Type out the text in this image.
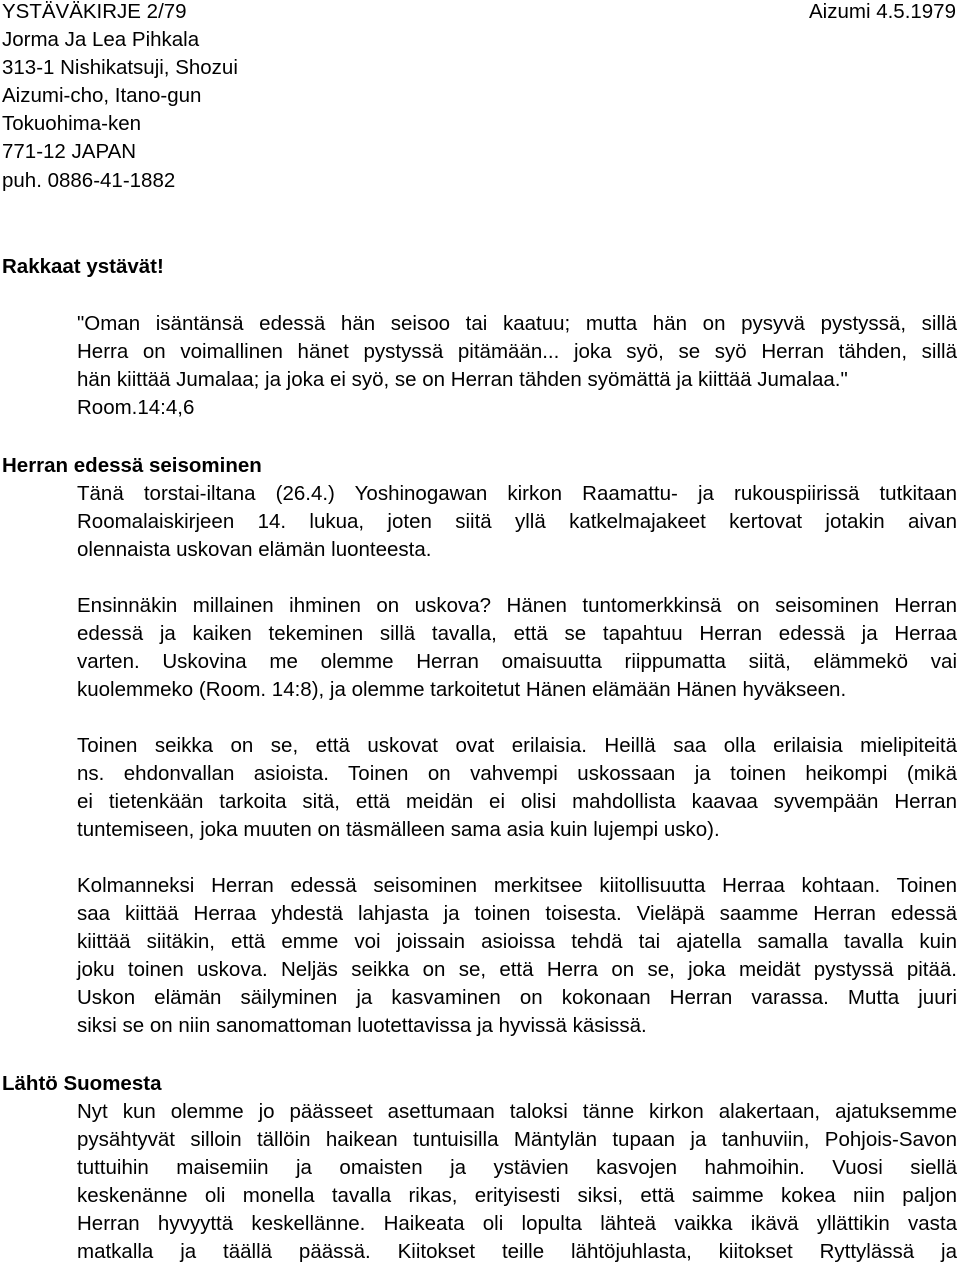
YSTÄVÄKIRJE 2/79
Jorma Ja Lea Pihkala
313-1 Nishikatsuji, Shozui
Aizumi-cho, Itano-gun
Tokuohima-ken
771-12 JAPAN
puh. 0886-41-1882
Aizumi 4.5.1979
Rakkaat ystävät!
"Oman isäntänsä edessä hän seisoo tai kaatuu; mutta hän on pysyvä pystyssä, sillä
Herra on voimallinen hänet pystyssä pitämään... joka syö, se syö Herran tähden, sillä
hän kiittää Jumalaa; ja joka ei syö, se on Herran tähden syömättä ja kiittää Jumalaa."
Room.14:4,6
Herran edessä seisominen
Tänä torstai-iltana (26.4.) Yoshinogawan kirkon Raamattu- ja rukouspiirissä tutkitaan
Roomalaiskirjeen 14. lukua, joten siitä yllä katkelmajakeet kertovat jotakin aivan
olennaista uskovan elämän luonteesta.
Ensinnäkin millainen ihminen on uskova? Hänen tuntomerkkinsä on seisominen Herran
edessä ja kaiken tekeminen sillä tavalla, että se tapahtuu Herran edessä ja Herraa
varten. Uskovina me olemme Herran omaisuutta riippumatta siitä, elämmekö vai
kuolemmeko (Room. 14:8), ja olemme tarkoitetut Hänen elämään Hänen hyväkseen.
Toinen seikka on se, että uskovat ovat erilaisia. Heillä saa olla erilaisia mielipiteitä
ns. ehdonvallan asioista. Toinen on vahvempi uskossaan ja toinen heikompi (mikä
ei tietenkään tarkoita sitä, että meidän ei olisi mahdollista kaavaa syvempään Herran
tuntemiseen, joka muuten on täsmälleen sama asia kuin lujempi usko).
Kolmanneksi Herran edessä seisominen merkitsee kiitollisuutta Herraa kohtaan. Toinen
saa kiittää Herraa yhdestä lahjasta ja toinen toisesta. Vieläpä saamme Herran edessä
kiittää siitäkin, että emme voi joissain asioissa tehdä tai ajatella samalla tavalla kuin
joku toinen uskova. Neljäs seikka on se, että Herra on se, joka meidät pystyssä pitää.
Uskon elämän säilyminen ja kasvaminen on kokonaan Herran varassa. Mutta juuri
siksi se on niin sanomattoman luotettavissa ja hyvissä käsissä.
Lähtö Suomesta
Nyt kun olemme jo päässeet asettumaan taloksi tänne kirkon alakertaan, ajatuksemme
pysähtyvät silloin tällöin haikean tuntuisilla Mäntylän tupaan ja tanhuviin, Pohjois-Savon
tuttuihin maisemiin ja omaisten ja ystävien kasvojen hahmoihin. Vuosi siellä
keskenänne oli monella tavalla rikas, erityisesti siksi, että saimme kokea niin paljon
Herran hyvyyttä keskellänne. Haikeata oli lopulta lähteä vaikka ikävä yllättikin vasta
matkalla ja täällä päässä. Kiitokset teille lähtöjuhlasta, kiitokset Ryttylässä ja
